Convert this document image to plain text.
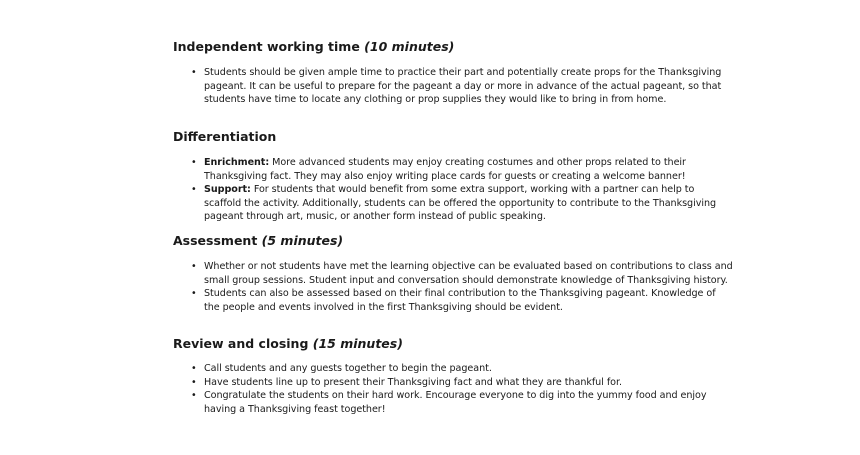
Independent working time (10 minutes)
• Students should be given ample time to practice their part and potentially create props for the Thanksgiving pageant. It can be useful to prepare for the pageant a day or more in advance of the actual pageant, so that students have time to locate any clothing or prop supplies they would like to bring in from home.
Differentiation
• Enrichment: More advanced students may enjoy creating costumes and other props related to their Thanksgiving fact. They may also enjoy writing place cards for guests or creating a welcome banner!
• Support: For students that would benefit from some extra support, working with a partner can help to scaffold the activity. Additionally, students can be offered the opportunity to contribute to the Thanksgiving pageant through art, music, or another form instead of public speaking.
Assessment (5 minutes)
• Whether or not students have met the learning objective can be evaluated based on contributions to class and small group sessions. Student input and conversation should demonstrate knowledge of Thanksgiving history.
• Students can also be assessed based on their final contribution to the Thanksgiving pageant. Knowledge of the people and events involved in the first Thanksgiving should be evident.
Review and closing (15 minutes)
• Call students and any guests together to begin the pageant.
• Have students line up to present their Thanksgiving fact and what they are thankful for.
• Congratulate the students on their hard work. Encourage everyone to dig into the yummy food and enjoy having a Thanksgiving feast together!
